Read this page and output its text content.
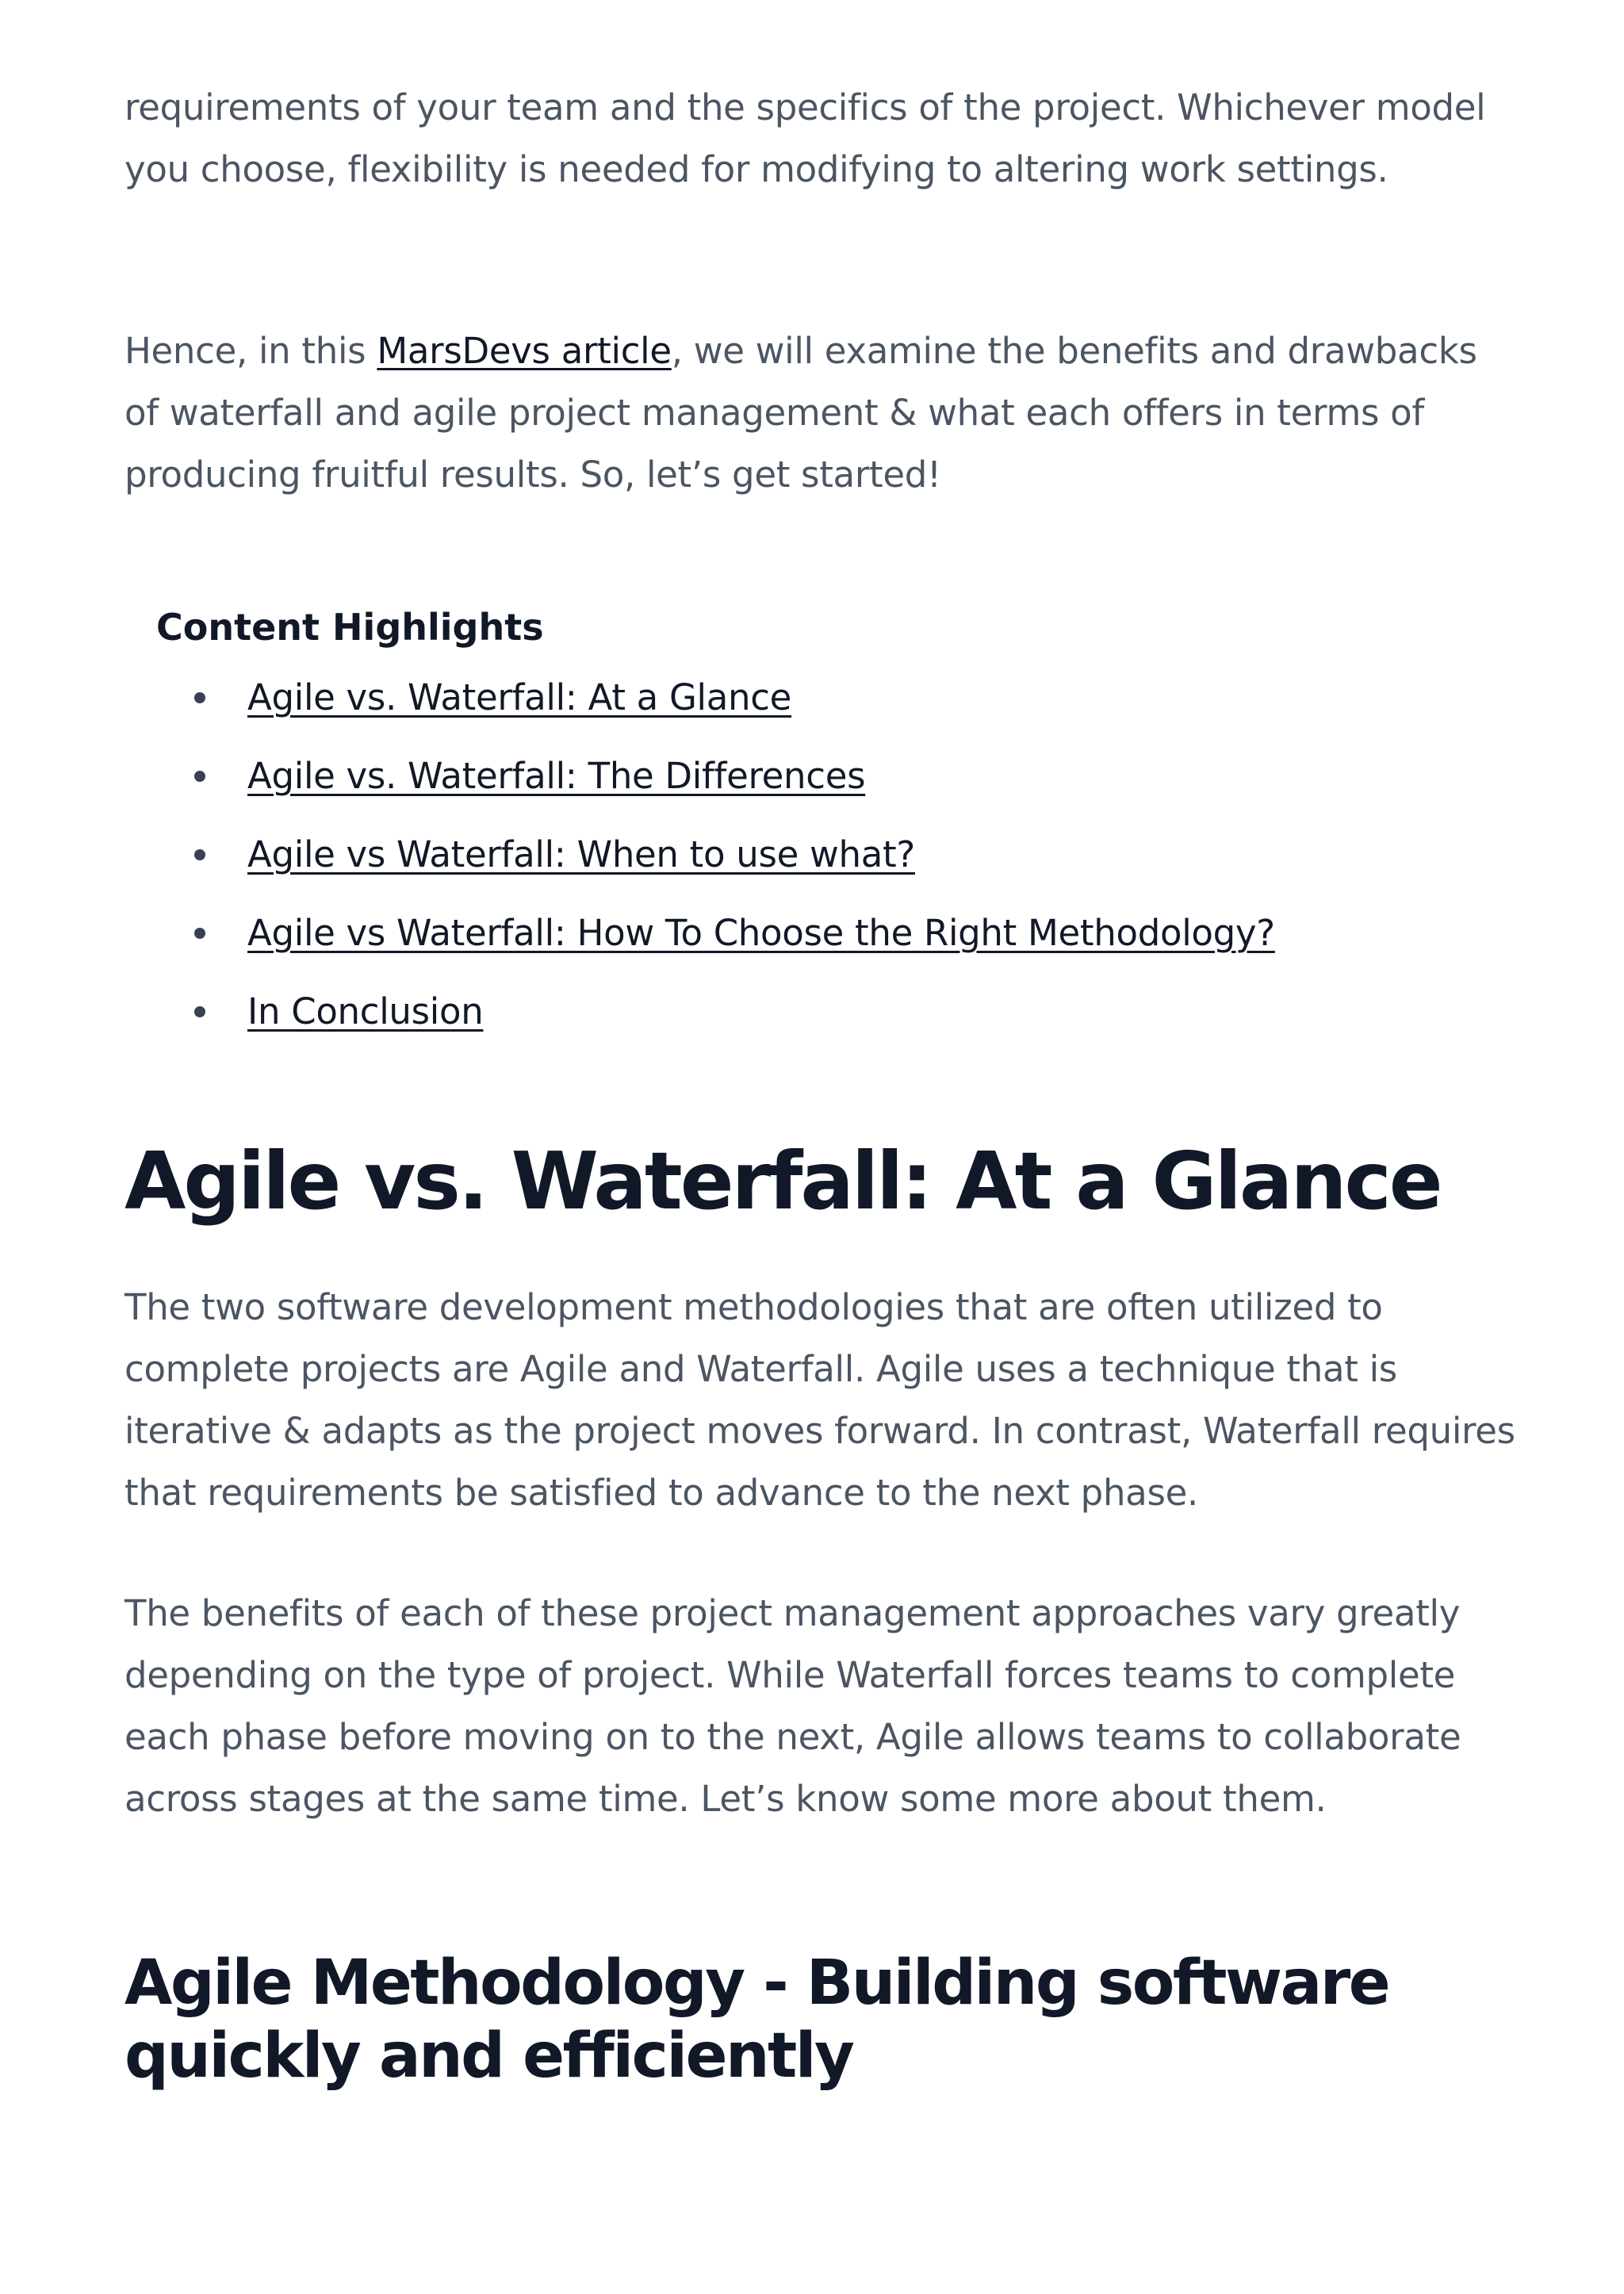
requirements of your team and the specifics of the project. Whichever model you choose, flexibility is needed for modifying to altering work settings.

Hence, in this MarsDevs article, we will examine the benefits and drawbacks of waterfall and agile project management & what each offers in terms of producing fruitful results. So, let’s get started!

Content Highlights

Agile vs. Waterfall: At a Glance
Agile vs. Waterfall: The Differences
Agile vs Waterfall: When to use what?
Agile vs Waterfall: How To Choose the Right Methodology?
In Conclusion
Agile vs. Waterfall: At a Glance

The two software development methodologies that are often utilized to complete projects are Agile and Waterfall. Agile uses a technique that is iterative & adapts as the project moves forward. In contrast, Waterfall requires that requirements be satisfied to advance to the next phase.

The benefits of each of these project management approaches vary greatly depending on the type of project. While Waterfall forces teams to complete each phase before moving on to the next, Agile allows teams to collaborate across stages at the same time. Let’s know some more about them.

Agile Methodology - Building software quickly and efficiently
